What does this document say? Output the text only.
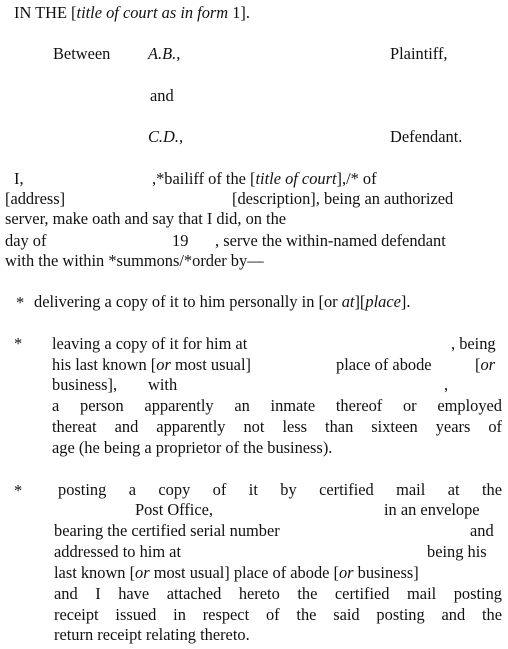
IN THE [title of court as in form 1].
Between A.B.,	Plaintiff,
and
C.D.,	Defendant.
I,	,*bailiff of the [title of court],/* of
[address]	[description], being an authorized
server, make oath and say that I did, on the
day of	19 , serve the within-named defendant
with the within *summons/*order by—
* delivering a copy of it to him personally in [or at][place].
* leaving a copy of it for him at	, being
his last known [or most usual]	place of abode	[or
business], with	,
a person apparently an inmate thereof or employed
thereat and apparently not less than sixteen years of
age (he being a proprietor of the business).
* posting a copy of it by certified mail at the
Post Office,	in an envelope
bearing the certified serial number	and
addressed to him at	being his
last known [or most usual] place of abode [or business]
and I have attached hereto the certified mail posting
receipt issued in respect of the said posting and the
return receipt relating thereto.
